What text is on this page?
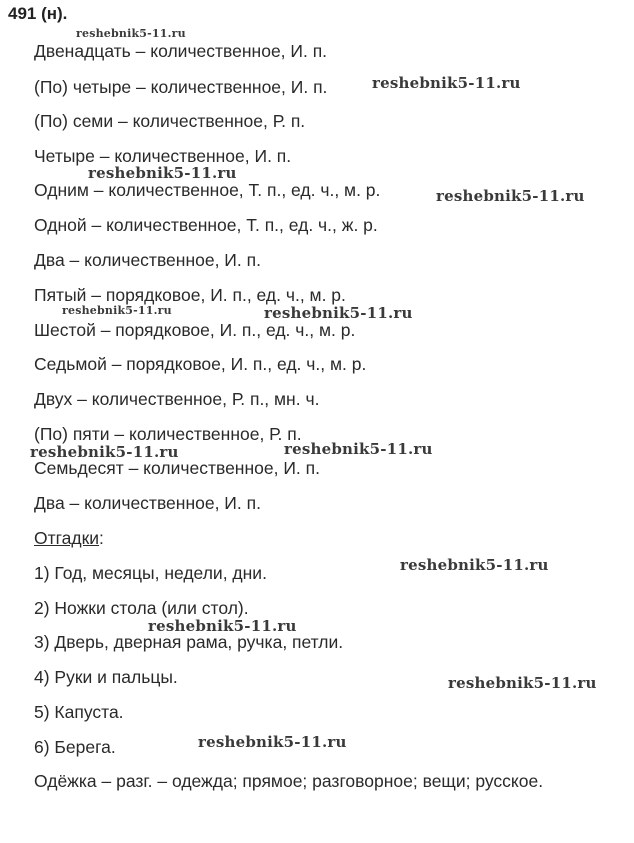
491 (н).
Двенадцать – количественное, И. п.
(По) четыре – количественное, И. п.
(По) семи – количественное, Р. п.
Четыре – количественное, И. п.
Одним – количественное, Т. п., ед. ч., м. р.
Одной – количественное, Т. п., ед. ч., ж. р.
Два – количественное, И. п.
Пятый – порядковое, И. п., ед. ч., м. р.
Шестой – порядковое, И. п., ед. ч., м. р.
Седьмой – порядковое, И. п., ед. ч., м. р.
Двух – количественное, Р. п., мн. ч.
(По) пяти – количественное, Р. п.
Семьдесят – количественное, И. п.
Два – количественное, И. п.
Отгадки:
1) Год, месяцы, недели, дни.
2) Ножки стола (или стол).
3) Дверь, дверная рама, ручка, петли.
4) Руки и пальцы.
5) Капуста.
6) Берега.
Одёжка – разг. – одежда; прямое; разговорное; вещи; русское.
reshebnik5-11.ru
reshebnik5-11.ru
reshebnik5-11.ru
reshebnik5-11.ru
reshebnik5-11.ru	reshebnik5-11.ru
reshebnik5-11.ru	reshebnik5-11.ru
reshebnik5-11.ru
reshebnik5-11.ru
reshebnik5-11.ru
reshebnik5-11.ru
